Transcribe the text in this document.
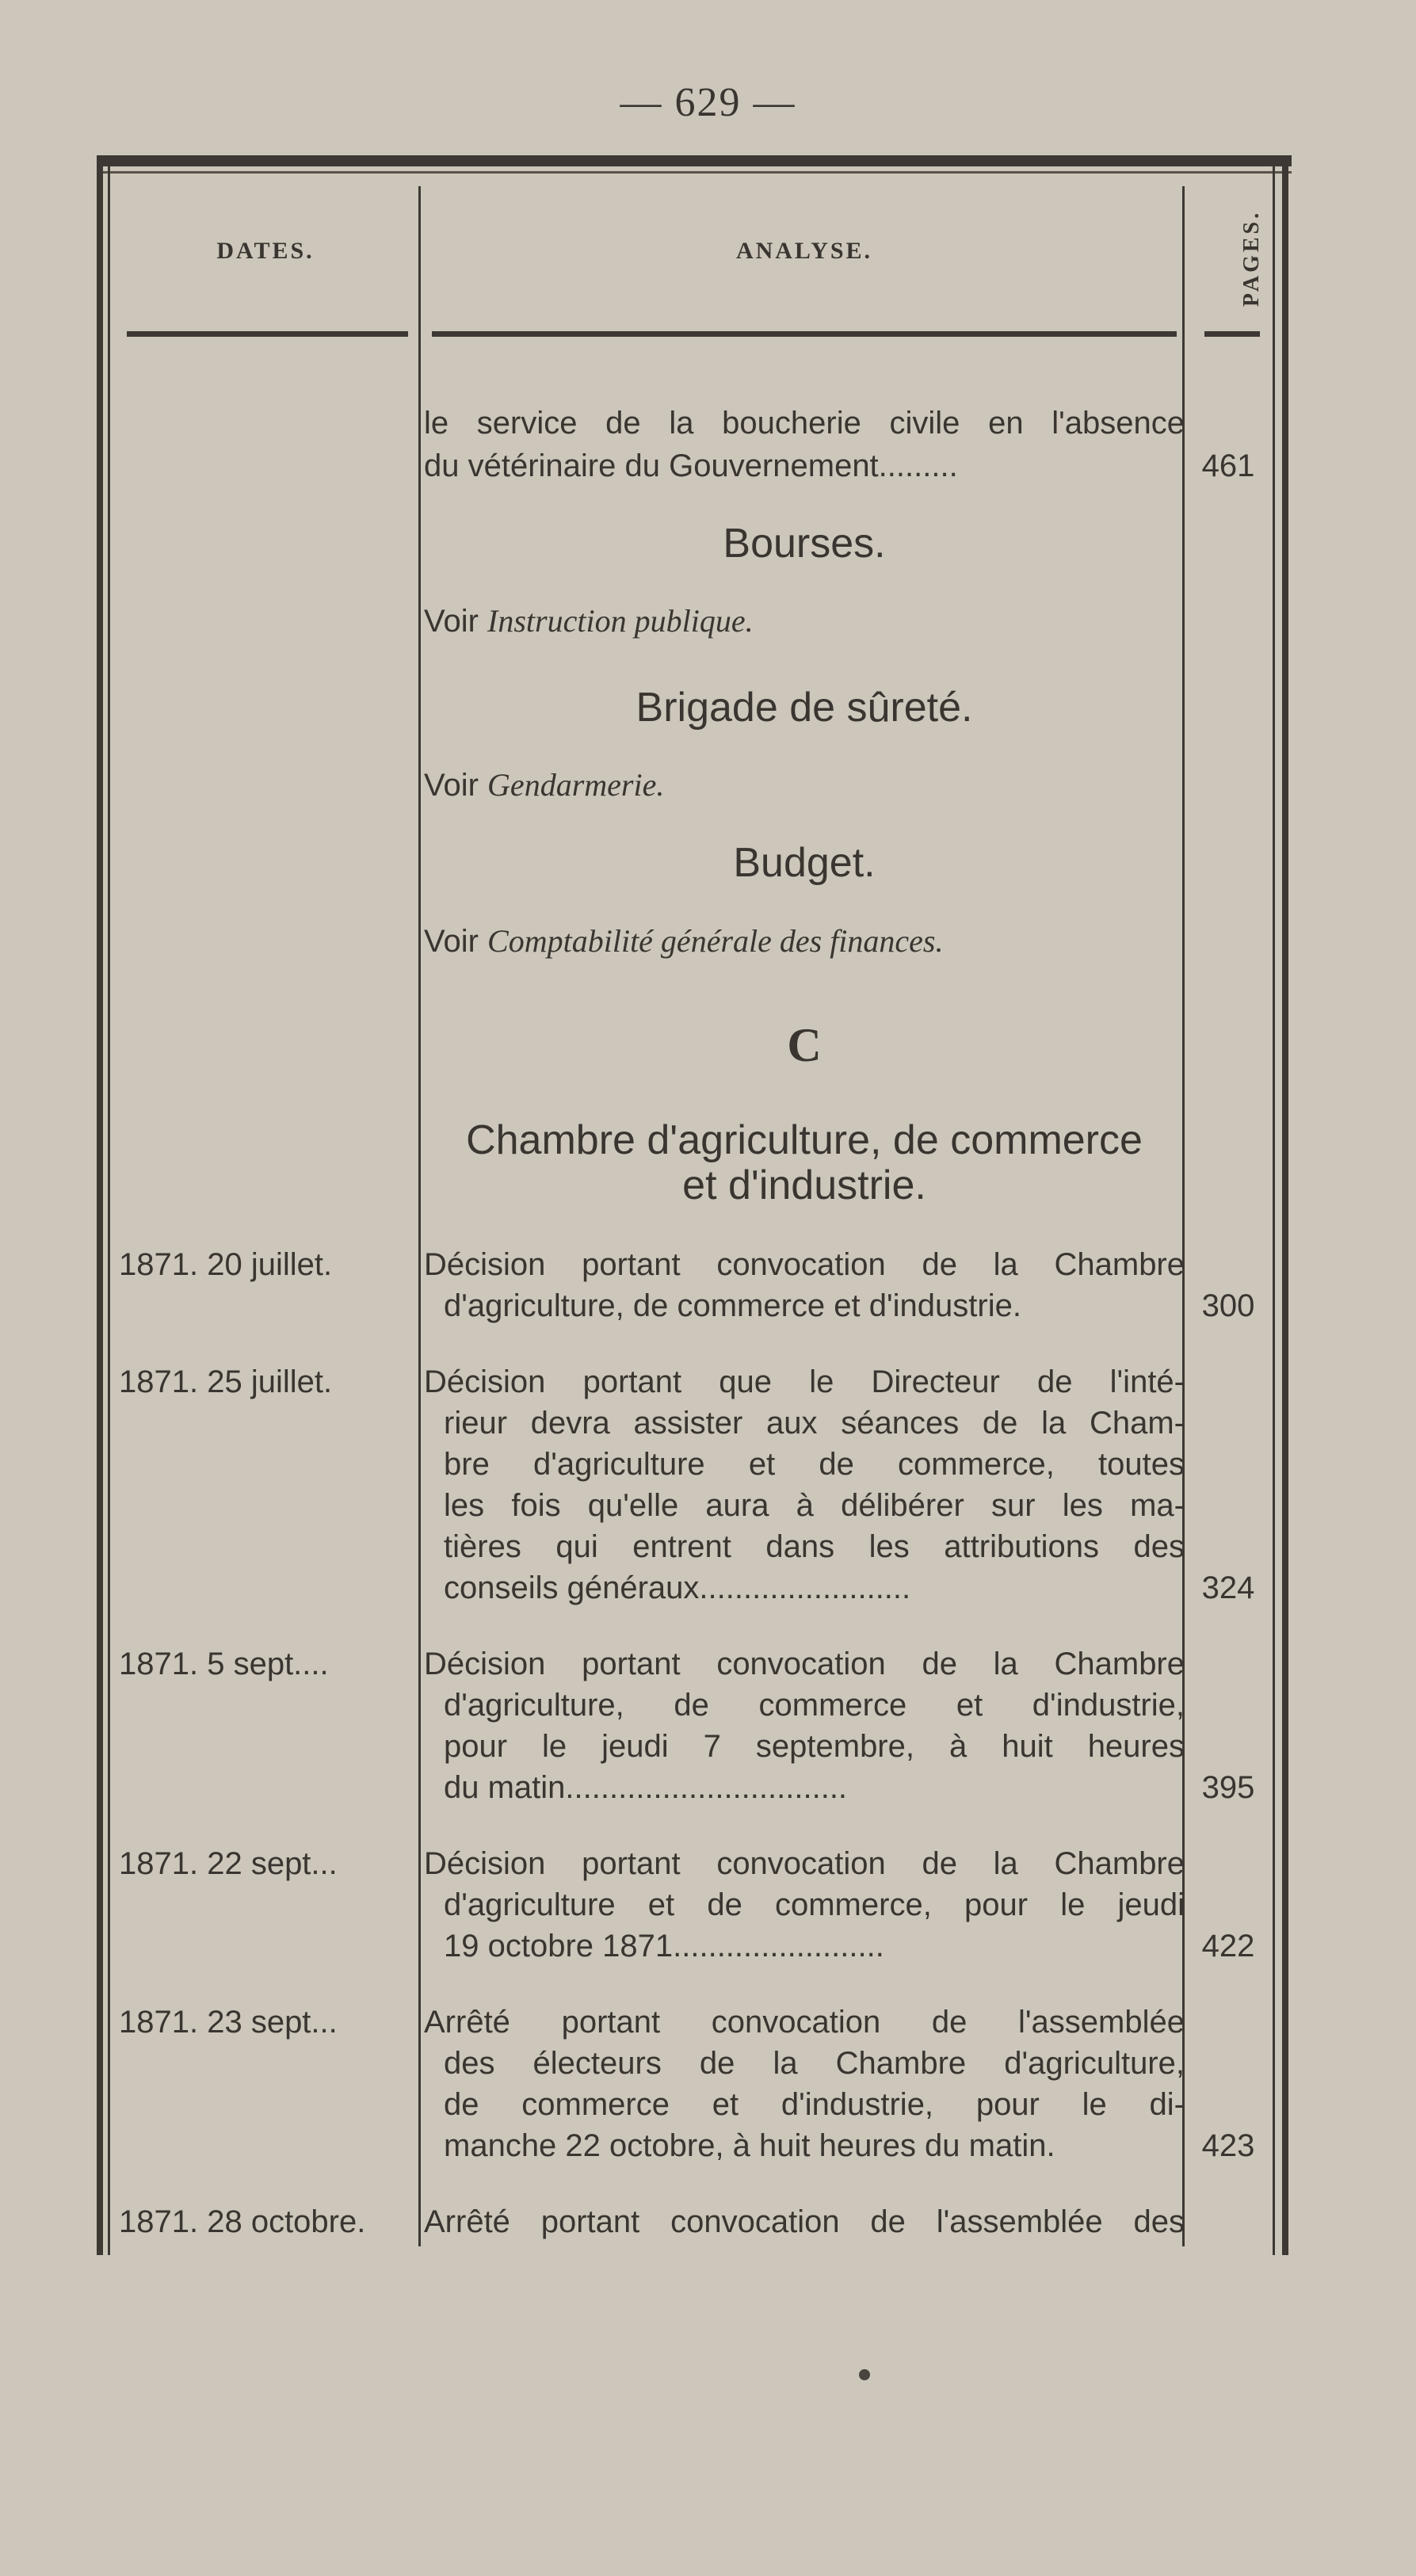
— 629 —
DATES.	ANALYSE.	PAGES.
le service de la boucherie civile en l'absence
du vétérinaire du Gouvernement.........	461
Bourses.
Voir Instruction publique.
Brigade de sûreté.
Voir Gendarmerie.
Budget.
Voir Comptabilité générale des finances.
C
Chambre d'agriculture, de commerce
et d'industrie.
1871. 20 juillet.	Décision portant convocation de la Chambre
d'agriculture, de commerce et d'industrie.	300
1871. 25 juillet.	Décision portant que le Directeur de l'inté-
rieur devra assister aux séances de la Cham-
bre d'agriculture et de commerce, toutes
les fois qu'elle aura à délibérer sur les ma-
tières qui entrent dans les attributions des
conseils généraux........................	324
1871. 5 sept....	Décision portant convocation de la Chambre
d'agriculture, de commerce et d'industrie,
pour le jeudi 7 septembre, à huit heures
du matin................................	395
1871. 22 sept...	Décision portant convocation de la Chambre
d'agriculture et de commerce, pour le jeudi
19 octobre 1871........................	422
1871. 23 sept...	Arrêté portant convocation de l'assemblée
des électeurs de la Chambre d'agriculture,
de commerce et d'industrie, pour le di-
manche 22 octobre, à huit heures du matin.	423
1871. 28 octobre.	Arrêté portant convocation de l'assemblée des
